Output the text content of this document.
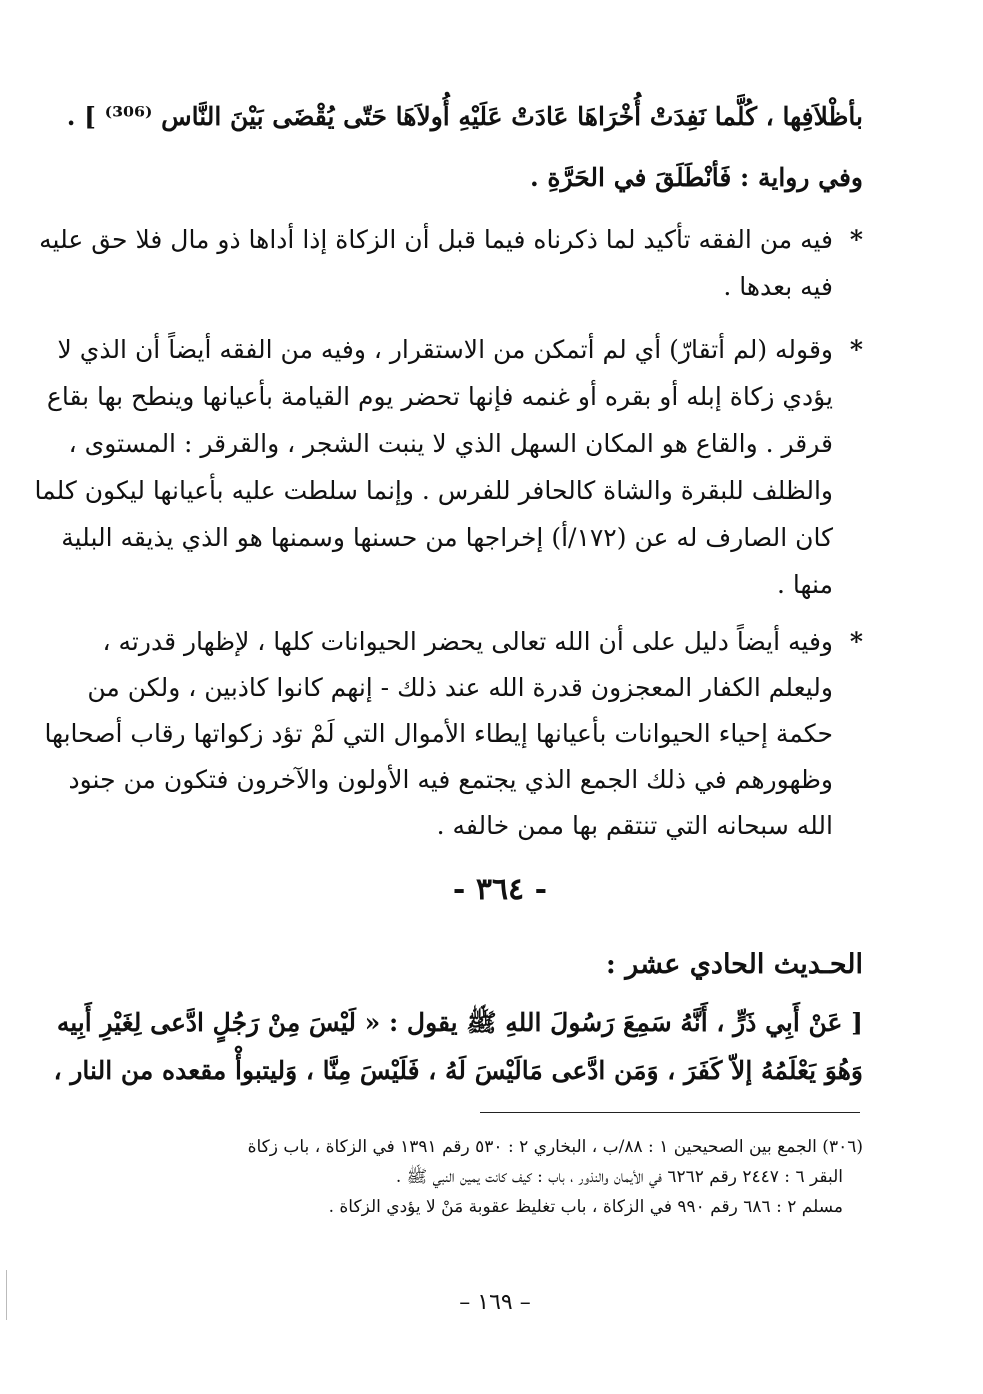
بأظْلاَفِها ، كُلَّما نَفِدَتْ أُخْرَاهَا عَادَتْ عَلَيْهِ أُولاَهَا حَتّى يُقْضَى بَيْنَ النَّاس ⁽³⁰⁶⁾ ] .
وفي رواية : فَأنْطَلَقَ في الحَرَّةِ .
*
فيه من الفقه تأكيد لما ذكرناه فيما قبل أن الزكاة إذا أداها ذو مال فلا حق عليه
فيه بعدها .
*
وقوله (لم أتقارّ) أي لم أتمكن من الاستقرار ، وفيه من الفقه أيضاً أن الذي لا
يؤدي زكاة إبله أو بقره أو غنمه فإنها تحضر يوم القيامة بأعيانها وينطح بها بقاع
قرقر . والقاع هو المكان السهل الذي لا ينبت الشجر ، والقرقر : المستوى ،
والظلف للبقرة والشاة كالحافر للفرس . وإنما سلطت عليه بأعيانها ليكون كلما
كان الصارف له عن (١٧٢/أ) إخراجها من حسنها وسمنها هو الذي يذيقه البلية
منها .
*
وفيه أيضاً دليل على أن الله تعالى يحضر الحيوانات كلها ، لإظهار قدرته ،
وليعلم الكفار المعجزون قدرة الله عند ذلك - إنهم كانوا كاذبين ، ولكن من
حكمة إحياء الحيوانات بأعيانها إيطاء الأموال التي لَمْ تؤد زكواتها رقاب أصحابها
وظهورهم في ذلك الجمع الذي يجتمع فيه الأولون والآخرون فتكون من جنود
الله سبحانه التي تنتقم بها ممن خالفه .
- ٣٦٤ -
الحـديث الحادي عشر :
[ عَنْ أَبِي ذَرٍّ ، أَنَّهُ سَمِعَ رَسُولَ اللهِ ﷺ يقول : « لَيْسَ مِنْ رَجُلٍ ادَّعى لِغَيْرِ أَبِيه
وَهُوَ يَعْلَمُهُ إلاّ كَفَرَ ، وَمَن ادَّعى مَالَيْسَ لَهُ ، فَلَيْسَ مِنَّا ، وَليتبوأْ مقعده من النار ،
(٣٠٦) الجمع بين الصحيحين ١ : ٨٨/ب ، البخاري ٢ : ٥٣٠ رقم ١٣٩١ في الزكاة ، باب زكاة
البقر ٦ : ٢٤٤٧ رقم ٦٢٦٢ في الأيمان والنذور ، باب : كيف كانت يمين النبي ﷺ .
مسلم ٢ : ٦٨٦ رقم ٩٩٠ في الزكاة ، باب تغليظ عقوبة مَنْ لا يؤدي الزكاة .
– ١٦٩ –
